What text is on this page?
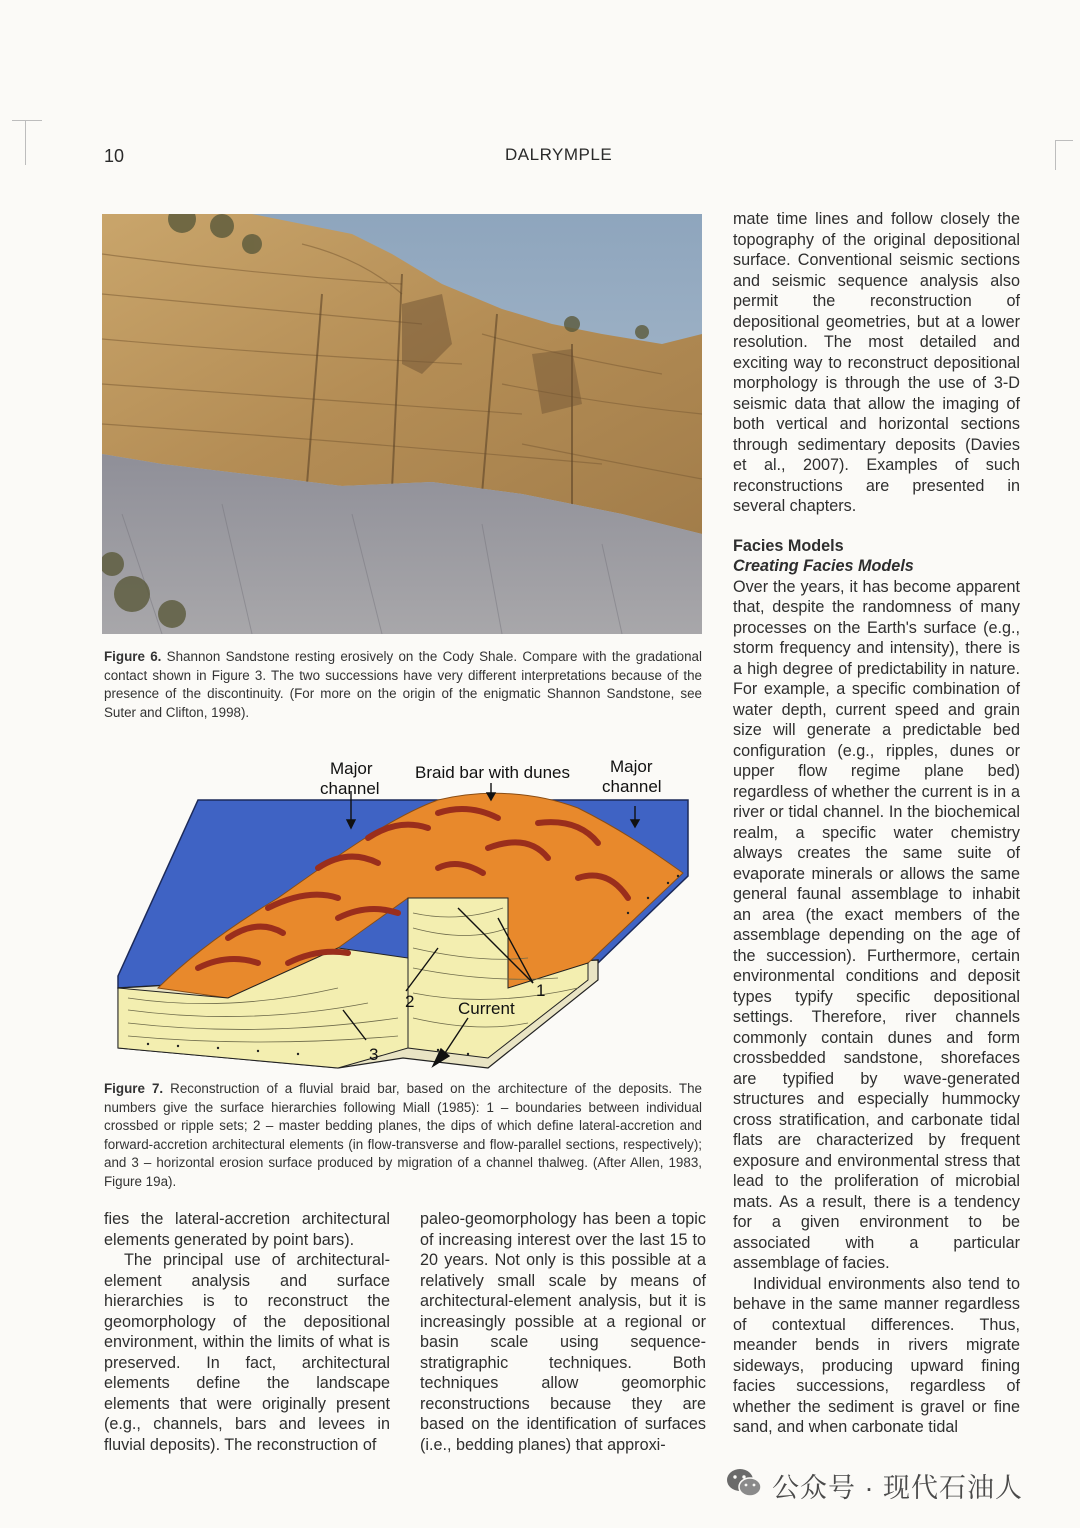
10	DALRYMPLE
Figure 6. Shannon Sandstone resting erosively on the Cody Shale. Compare with the gradational contact shown in Figure 3. The two successions have very different interpretations because of the presence of the discontinuity. (For more on the origin of the enigmatic Shannon Sandstone, see Suter and Clifton, 1998).
Major
channel
Braid bar with dunes Major
channel
1
2
3
Current
Figure 7. Reconstruction of a fluvial braid bar, based on the architecture of the deposits. The numbers give the surface hierarchies following Miall (1985): 1 – boundaries between individual crossbed or ripple sets; 2 – master bedding planes, the dips of which define lateral-accretion and forward-accretion architectural elements (in flow-transverse and flow-parallel sections, respectively); and 3 – horizontal erosion surface produced by migration of a channel thalweg. (After Allen, 1983, Figure 19a).

mate time lines and follow closely the topography of the original depositional surface. Conventional seismic sections and seismic sequence analysis also permit the reconstruction of depositional geometries, but at a lower resolution. The most detailed and exciting way to reconstruct depositional morphology is through the use of 3-D seismic data that allow the imaging of both vertical and horizontal sections through sedimentary deposits (Davies et al., 2007). Examples of such reconstructions are presented in several chapters.

Facies Models

Creating Facies Models

Over the years, it has become apparent that, despite the randomness of many processes on the Earth's surface (e.g., storm frequency and intensity), there is a high degree of predictability in nature. For example, a specific combination of water depth, current speed and grain size will generate a predictable bed configuration (e.g., ripples, dunes or upper flow regime plane bed) regardless of whether the current is in a river or tidal channel. In the biochemical realm, a specific water chemistry always creates the same suite of evaporate minerals or allows the same general faunal assemblage to inhabit an area (the exact members of the assemblage depending on the age of the succession). Furthermore, certain environmental conditions and deposit types typify specific depositional settings. Therefore, river channels commonly contain dunes and form crossbedded sandstone, shorefaces are typified by wave-generated structures and especially hummocky cross stratification, and carbonate tidal flats are characterized by frequent exposure and environmental stress that lead to the proliferation of microbial mats. As a result, there is a tendency for a given environment to be associated with a particular assemblage of facies.

Individual environments also tend to behave in the same manner regardless of contextual differences. Thus, meander bends in rivers migrate sideways, producing upward fining facies successions, regardless of whether the sediment is gravel or fine sand, and when carbonate tidal

fies the lateral-accretion architectural elements generated by point bars).

The principal use of architectural-element analysis and surface hierarchies is to reconstruct the geomorphology of the depositional environment, within the limits of what is preserved. In fact, architectural elements define the landscape elements that were originally present (e.g., channels, bars and levees in fluvial deposits). The reconstruction of

paleo-geomorphology has been a topic of increasing interest over the last 15 to 20 years. Not only is this possible at a relatively small scale by means of architectural-element analysis, but it is increasingly possible at a regional or basin scale using sequence-stratigraphic techniques. Both techniques allow geomorphic reconstructions because they are based on the identification of surfaces (i.e., bedding planes) that approxi-

公众号 · 现代石油人
